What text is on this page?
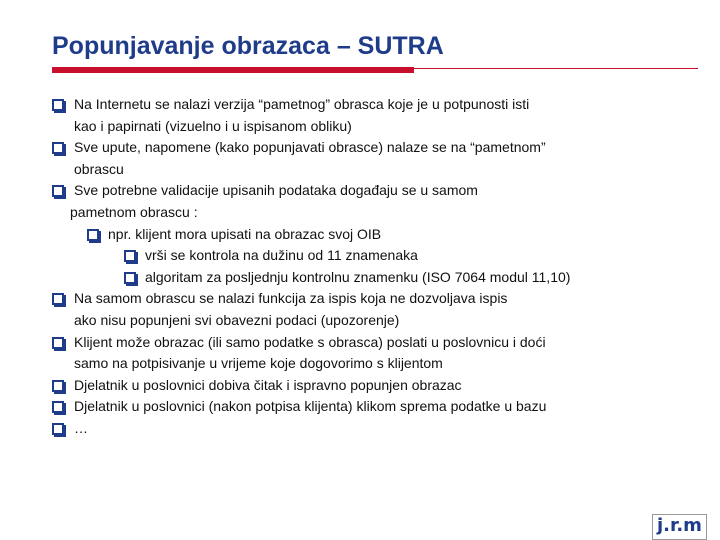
Popunjavanje obrazaca – SUTRA
Na Internetu se nalazi verzija “pametnog” obrasca koje je u potpunosti isti
kao i papirnati (vizuelno i u ispisanom obliku)
Sve upute, napomene (kako popunjavati obrasce) nalaze se na “pametnom”
obrascu
Sve potrebne validacije upisanih podataka događaju se u samom
pametnom obrascu :
npr. klijent mora upisati na obrazac svoj OIB
vrši se kontrola na dužinu od 11 znamenaka
algoritam za posljednju kontrolnu znamenku (ISO 7064 modul 11,10)
Na samom obrascu se nalazi funkcija za ispis koja ne dozvoljava ispis
ako nisu popunjeni svi obavezni podaci (upozorenje)
Klijent može obrazac (ili samo podatke s obrasca) poslati u poslovnicu i doći
samo na potpisivanje u vrijeme koje dogovorimo s klijentom
Djelatnik u poslovnici dobiva čitak i ispravno popunjen obrazac
Djelatnik u poslovnici (nakon potpisa klijenta) klikom sprema podatke u bazu
…
j.r.m
